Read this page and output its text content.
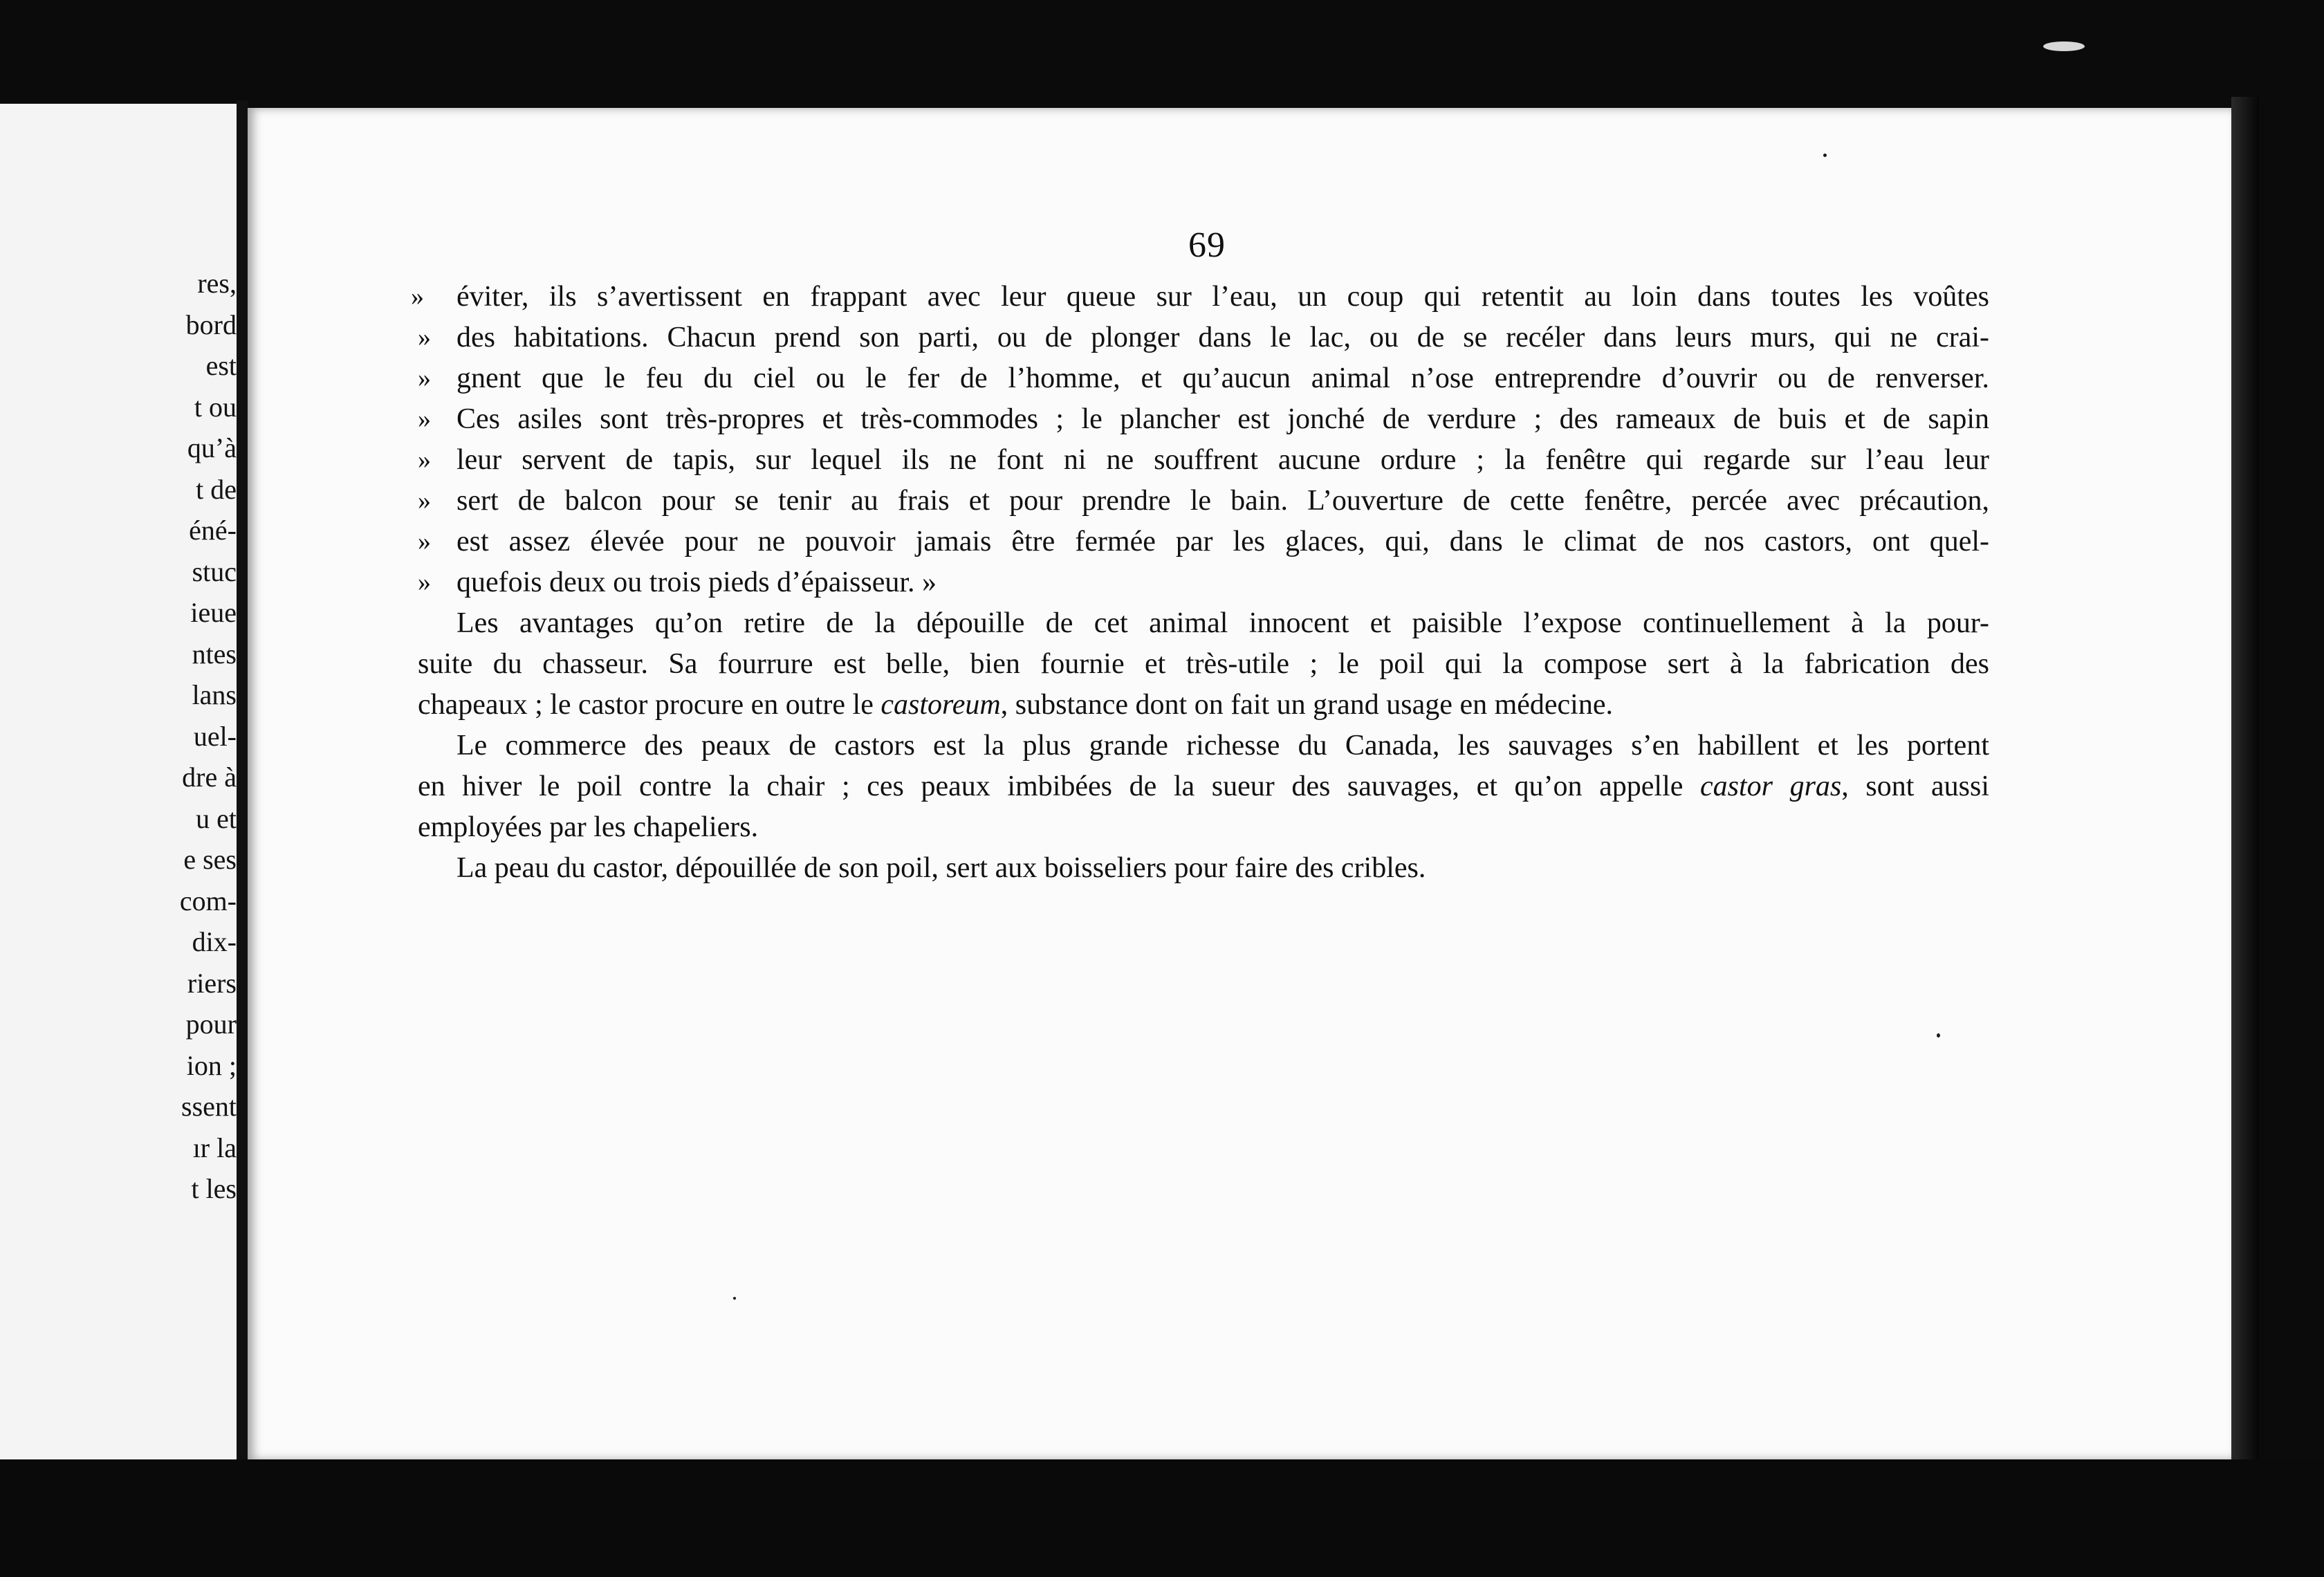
res,
bord
est
t ou
qu’à
t de
éné-
stuc
ieue
ntes
lans
uel-
dre à
u et
e ses
com-
dix-
riers
pour
ion ;
ssent
ır la
t les
69
» éviter, ils s’avertissent en frappant avec leur queue sur l’eau, un coup qui retentit au loin dans toutes les voûtes
» des habitations. Chacun prend son parti, ou de plonger dans le lac, ou de se recéler dans leurs murs, qui ne crai-
» gnent que le feu du ciel ou le fer de l’homme, et qu’aucun animal n’ose entreprendre d’ouvrir ou de renverser.
» Ces asiles sont très-propres et très-commodes ; le plancher est jonché de verdure ; des rameaux de buis et de sapin
» leur servent de tapis, sur lequel ils ne font ni ne souffrent aucune ordure ; la fenêtre qui regarde sur l’eau leur
» sert de balcon pour se tenir au frais et pour prendre le bain. L’ouverture de cette fenêtre, percée avec précaution,
» est assez élevée pour ne pouvoir jamais être fermée par les glaces, qui, dans le climat de nos castors, ont quel-
» quefois deux ou trois pieds d’épaisseur. »
Les avantages qu’on retire de la dépouille de cet animal innocent et paisible l’expose continuellement à la pour-
suite du chasseur. Sa fourrure est belle, bien fournie et très-utile ; le poil qui la compose sert à la fabrication des
chapeaux ; le castor procure en outre le castoreum, substance dont on fait un grand usage en médecine.
Le commerce des peaux de castors est la plus grande richesse du Canada, les sauvages s’en habillent et les portent
en hiver le poil contre la chair ; ces peaux imbibées de la sueur des sauvages, et qu’on appelle castor gras, sont aussi
employées par les chapeliers.
La peau du castor, dépouillée de son poil, sert aux boisseliers pour faire des cribles.
